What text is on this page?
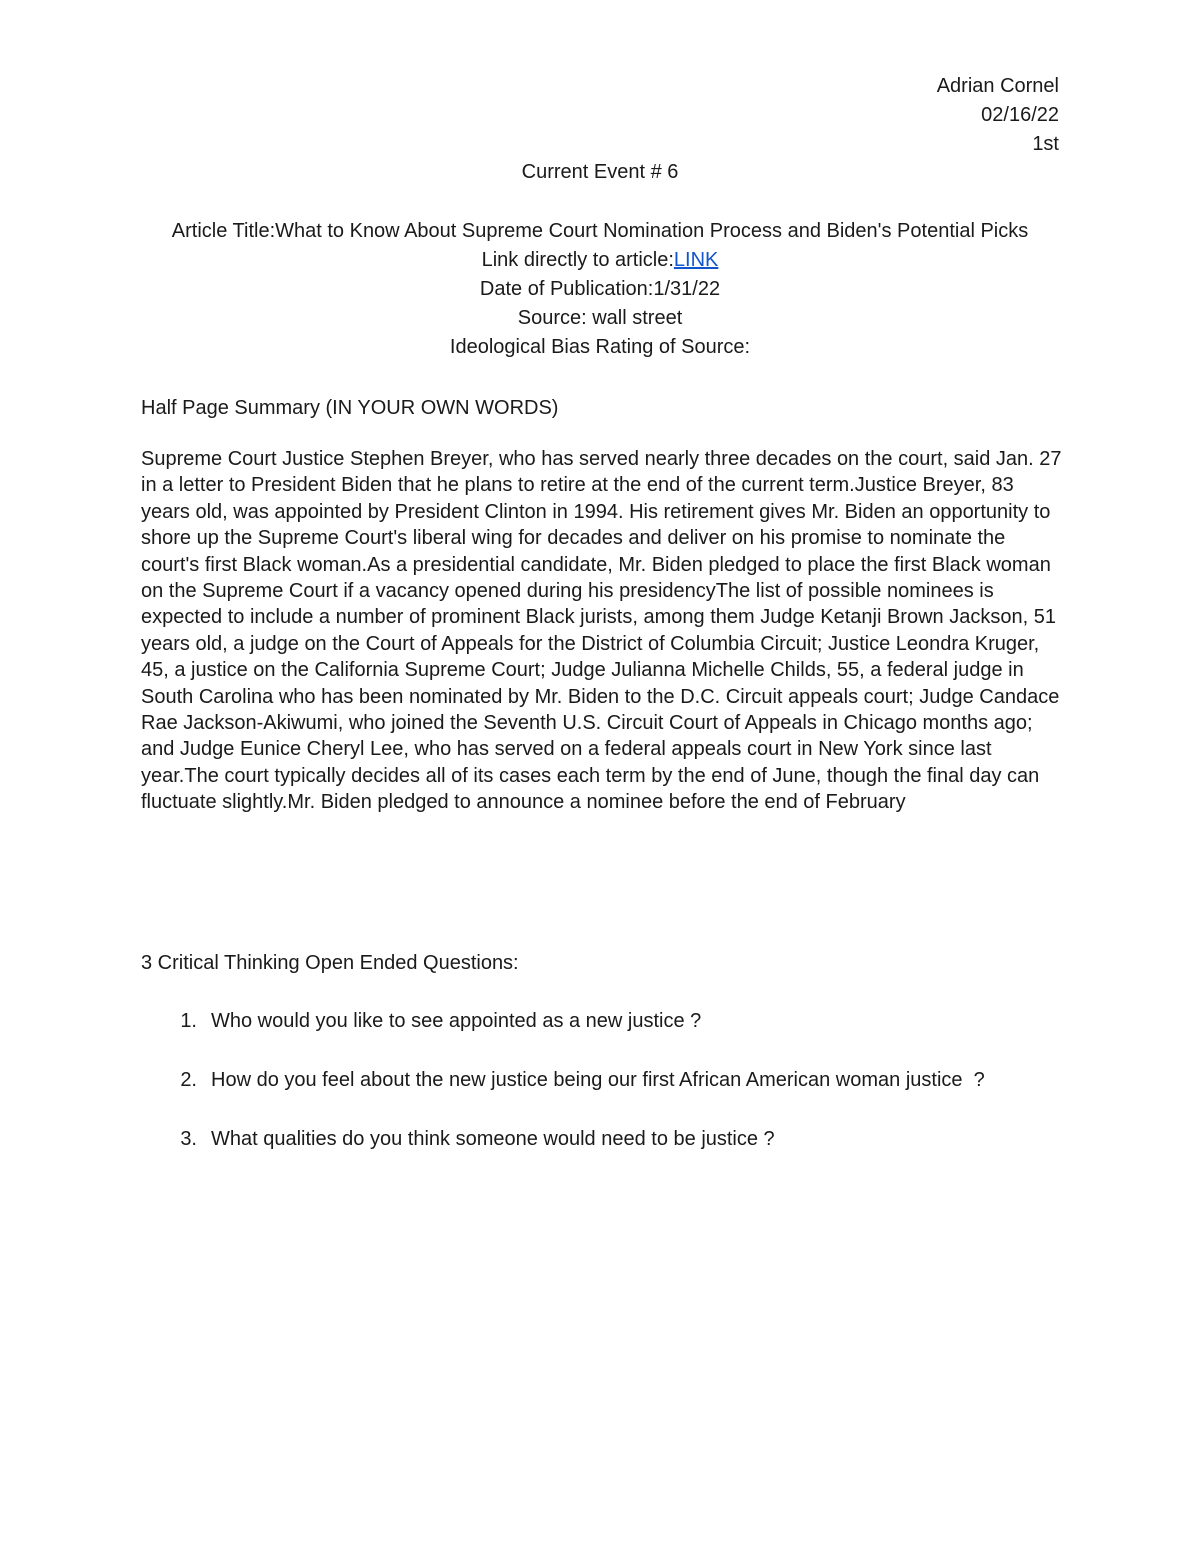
Adrian Cornel
02/16/22
1st
Current Event # 6
Article Title:What to Know About Supreme Court Nomination Process and Biden's Potential Picks
Link directly to article:LINK
Date of Publication:1/31/22
Source: wall street
Ideological Bias Rating of Source:
Half Page Summary (IN YOUR OWN WORDS)
Supreme Court Justice Stephen Breyer, who has served nearly three decades on the court, said Jan. 27 in a letter to President Biden that he plans to retire at the end of the current term.Justice Breyer, 83 years old, was appointed by President Clinton in 1994. His retirement gives Mr. Biden an opportunity to shore up the Supreme Court's liberal wing for decades and deliver on his promise to nominate the court's first Black woman.As a presidential candidate, Mr. Biden pledged to place the first Black woman on the Supreme Court if a vacancy opened during his presidencyThe list of possible nominees is expected to include a number of prominent Black jurists, among them Judge Ketanji Brown Jackson, 51 years old, a judge on the Court of Appeals for the District of Columbia Circuit; Justice Leondra Kruger, 45, a justice on the California Supreme Court; Judge Julianna Michelle Childs, 55, a federal judge in South Carolina who has been nominated by Mr. Biden to the D.C. Circuit appeals court; Judge Candace Rae Jackson-Akiwumi, who joined the Seventh U.S. Circuit Court of Appeals in Chicago months ago; and Judge Eunice Cheryl Lee, who has served on a federal appeals court in New York since last year.The court typically decides all of its cases each term by the end of June, though the final day can fluctuate slightly.Mr. Biden pledged to announce a nominee before the end of February
3 Critical Thinking Open Ended Questions:
1. Who would you like to see appointed as a new justice ?
2. How do you feel about the new justice being our first African American woman justice  ?
3. What qualities do you think someone would need to be justice ?
